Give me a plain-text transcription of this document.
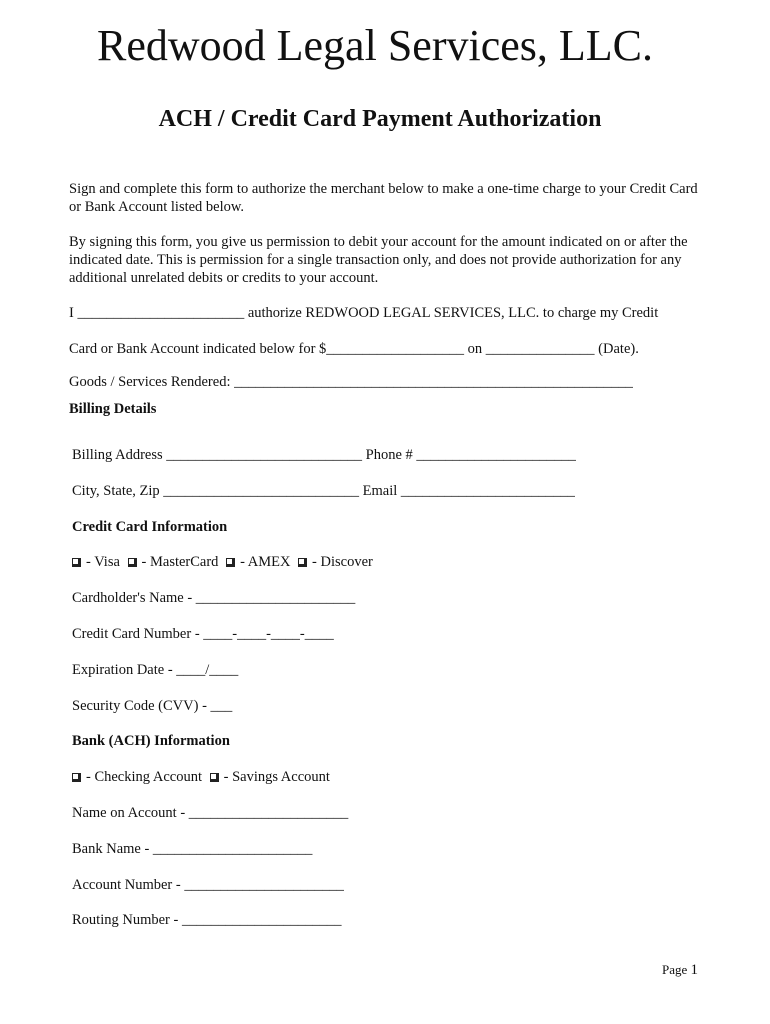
Redwood Legal Services, LLC.
ACH / Credit Card Payment Authorization

Sign and complete this form to authorize the merchant below to make a one-time charge to your Credit Card or Bank Account listed below.

By signing this form, you give us permission to debit your account for the amount indicated on or after the indicated date. This is permission for a single transaction only, and does not provide authorization for any additional unrelated debits or credits to your account.

I _______________________ authorize REDWOOD LEGAL SERVICES, LLC. to charge my Credit

Card or Bank Account indicated below for $___________________ on _______________ (Date).

Goods / Services Rendered: _______________________________________________________

Billing Details

Billing Address ___________________________ Phone # ______________________

City, State, Zip ___________________________ Email ________________________

Credit Card Information

- Visa - MasterCard - AMEX - Discover

Cardholder's Name - ______________________

Credit Card Number - ____-____-____-____

Expiration Date - ____/____

Security Code (CVV) - ___

Bank (ACH) Information

- Checking Account - Savings Account

Name on Account - ______________________

Bank Name - ______________________

Account Number - ______________________

Routing Number - ______________________

Page 1
